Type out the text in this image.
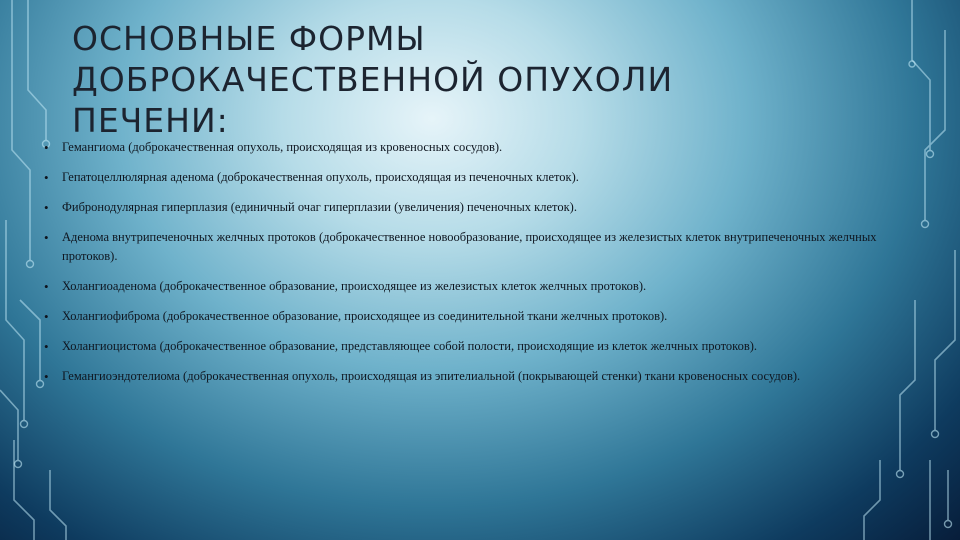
ОСНОВНЫЕ ФОРМЫ ДОБРОКАЧЕСТВЕННОЙ ОПУХОЛИ ПЕЧЕНИ:
• Гемангиома (доброкачественная опухоль, происходящая из кровеносных сосудов).
• Гепатоцеллюлярная аденома (доброкачественная опухоль, происходящая из печеночных клеток).
• Фибронодулярная гиперплазия (единичный очаг гиперплазии (увеличения) печеночных клеток).
• Аденома внутрипеченочных желчных протоков (доброкачественное новообразование, происходящее из железистых клеток внутрипеченочных желчных протоков).
• Холангиоаденома (доброкачественное образование, происходящее из железистых клеток желчных протоков).
• Холангиофиброма (доброкачественное образование, происходящее из соединительной ткани желчных протоков).
• Холангиоцистома (доброкачественное образование, представляющее собой полости, происходящие из клеток желчных протоков).
• Гемангиоэндотелиома (доброкачественная опухоль, происходящая из эпителиальной (покрывающей стенки) ткани кровеносных сосудов).
